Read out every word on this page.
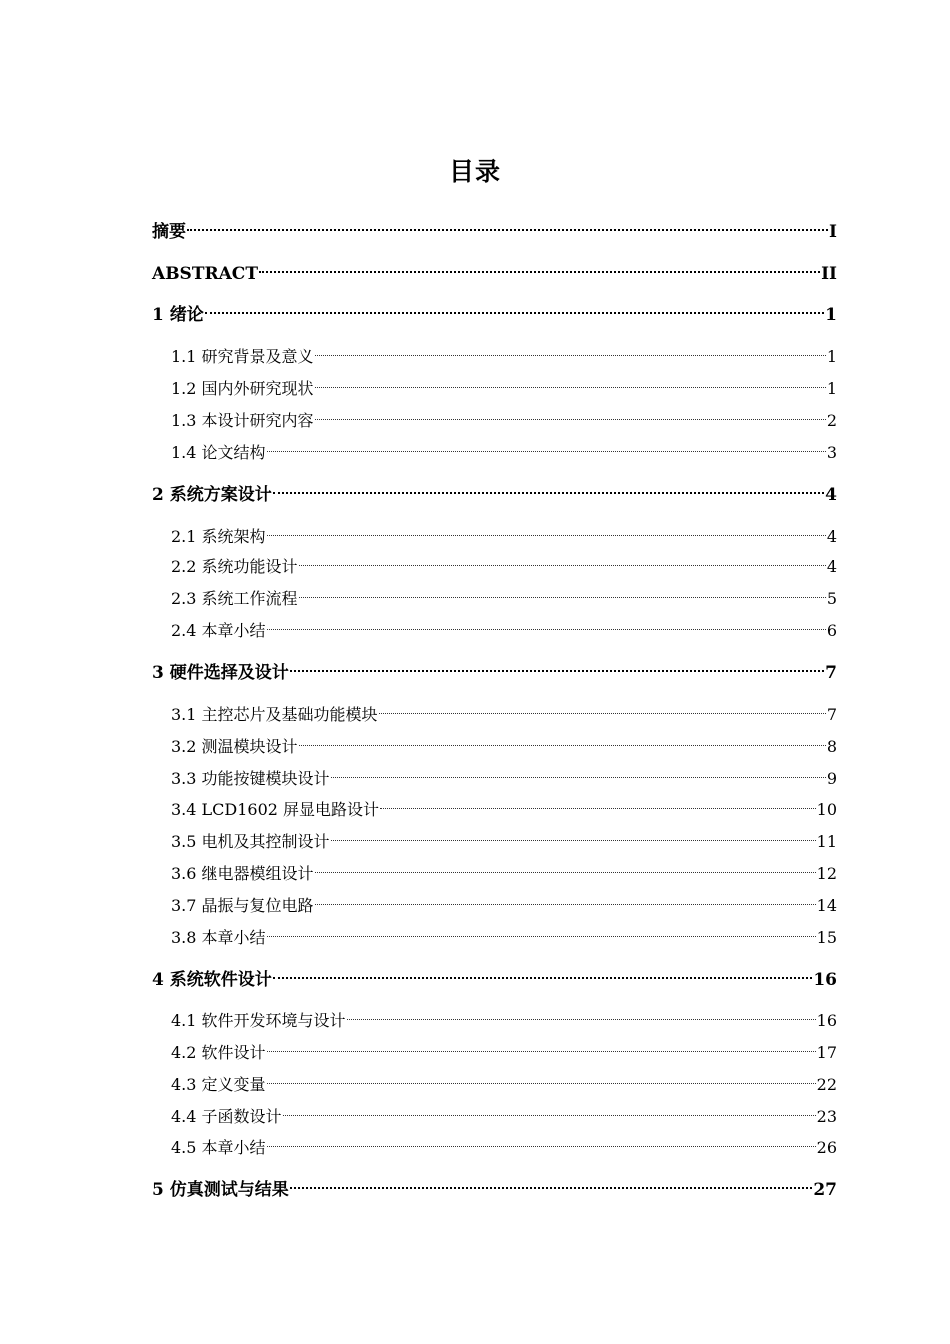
目录
摘要	I
ABSTRACT	II
1 绪论	1
1.1 研究背景及意义	1
1.2 国内外研究现状	1
1.3 本设计研究内容	2
1.4 论文结构	3
2 系统方案设计	4
2.1 系统架构	4
2.2 系统功能设计	4
2.3 系统工作流程	5
2.4 本章小结	6
3 硬件选择及设计	7
3.1 主控芯片及基础功能模块	7
3.2 测温模块设计	8
3.3 功能按键模块设计	9
3.4 LCD1602 屏显电路设计	10
3.5 电机及其控制设计	11
3.6 继电器模组设计	12
3.7 晶振与复位电路	14
3.8 本章小结	15
4 系统软件设计	16
4.1 软件开发环境与设计	16
4.2 软件设计	17
4.3 定义变量	22
4.4 子函数设计	23
4.5 本章小结	26
5 仿真测试与结果	27
